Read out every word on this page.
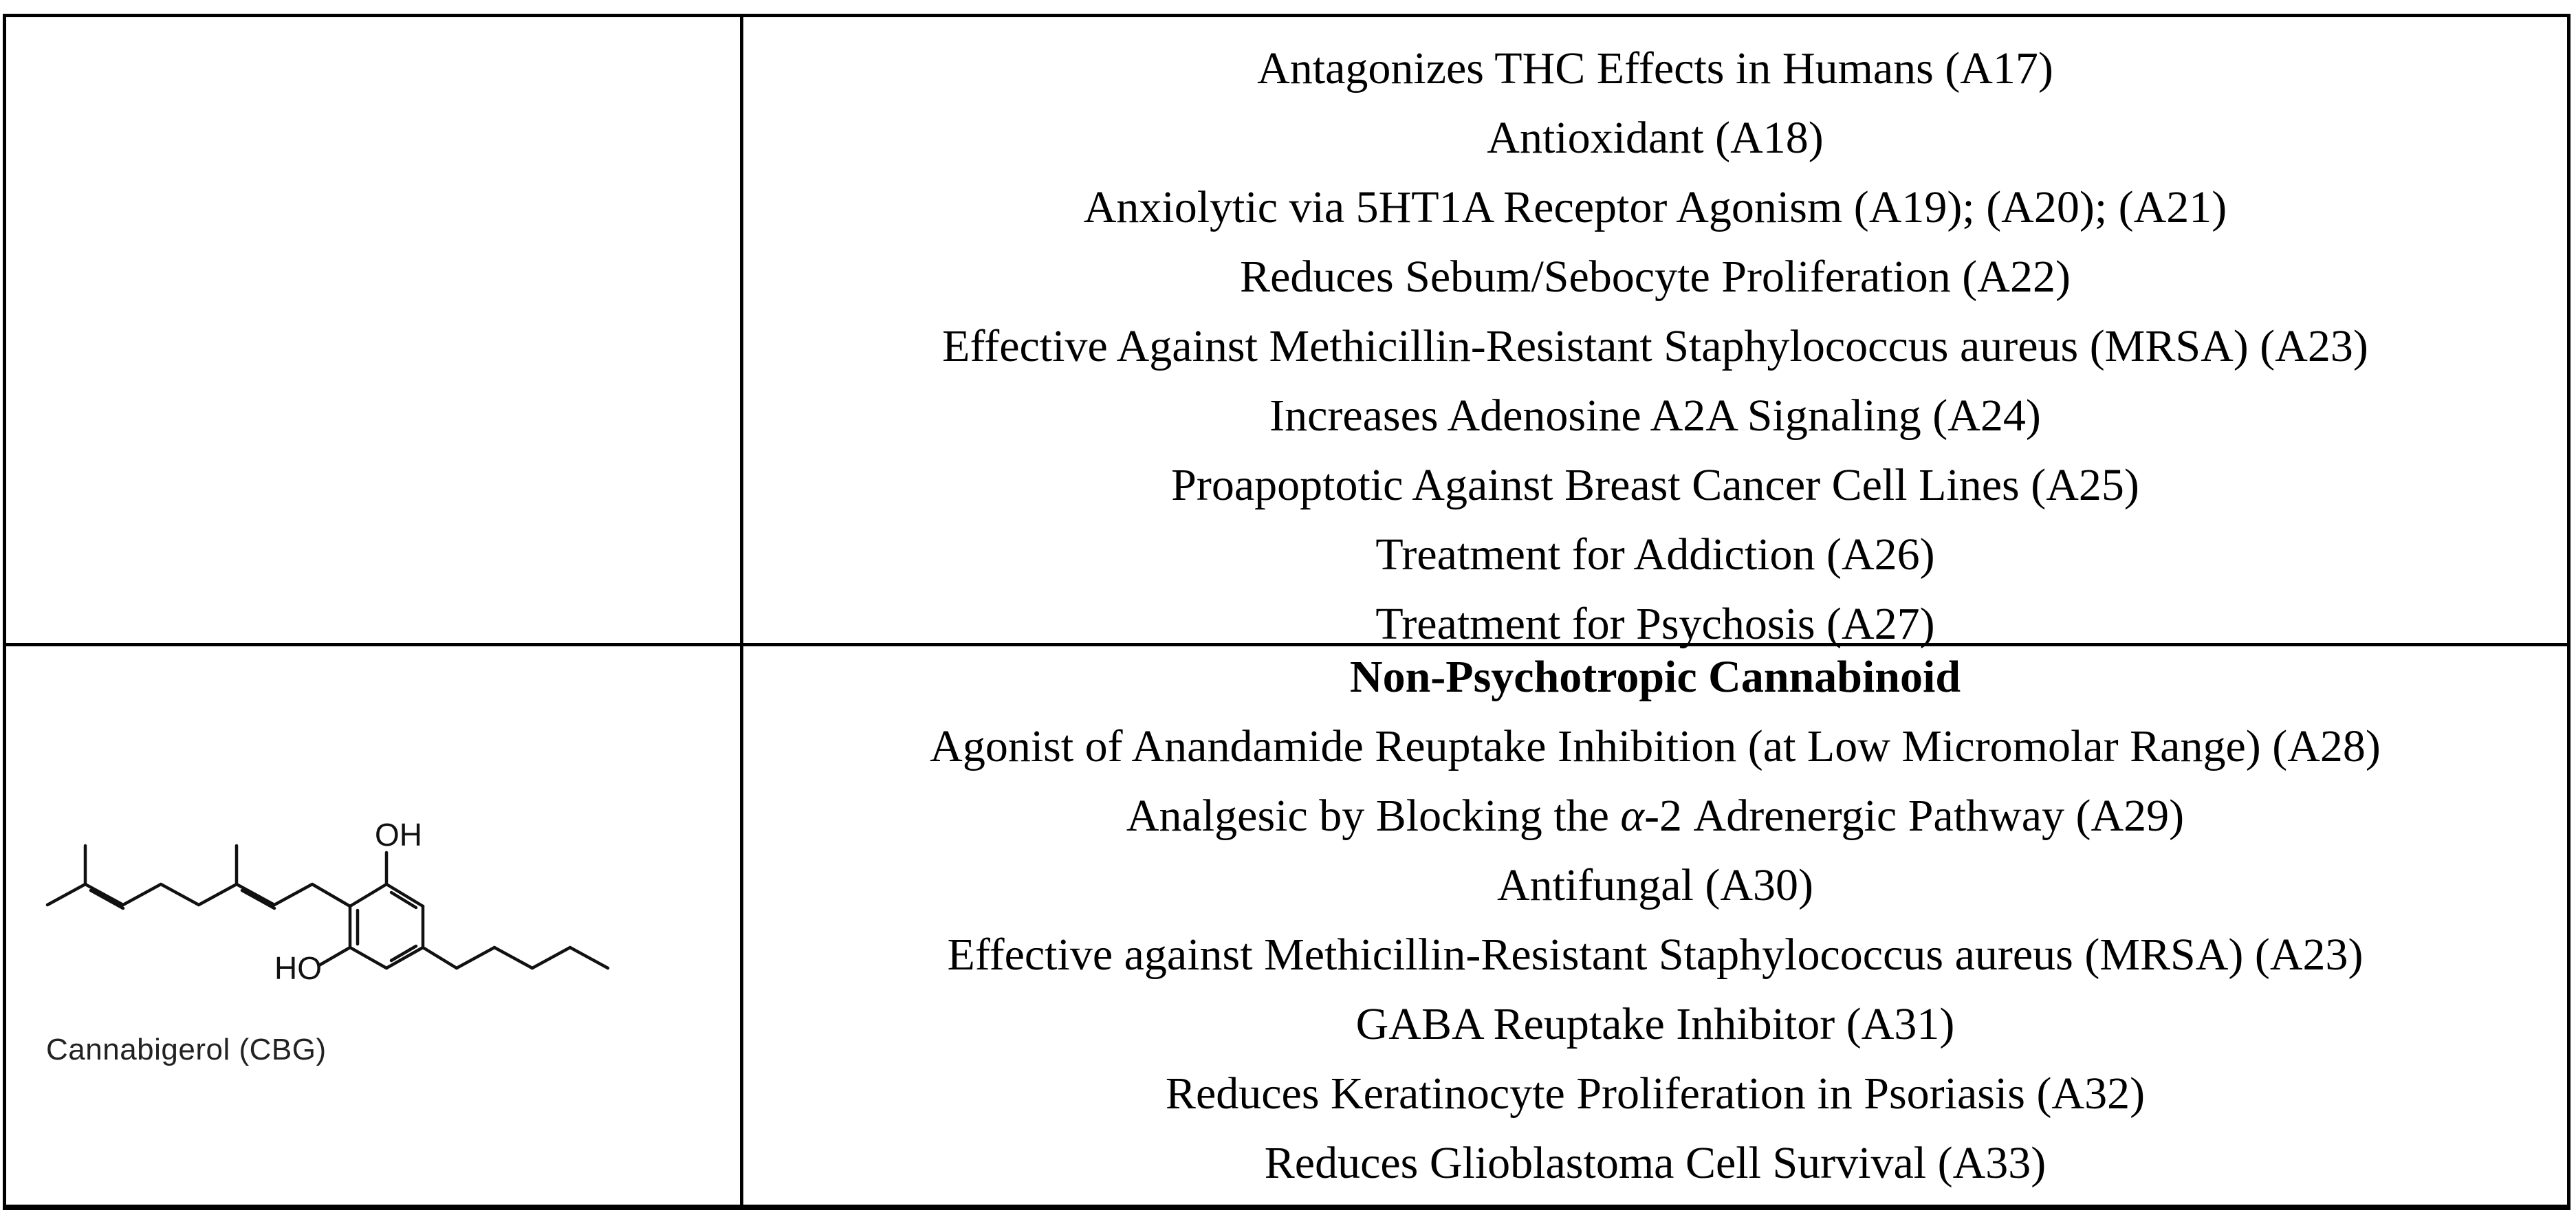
Antagonizes THC Effects in Humans (A17)
Antioxidant (A18)
Anxiolytic via 5HT1A Receptor Agonism (A19); (A20); (A21)
Reduces Sebum/Sebocyte Proliferation (A22)
Effective Against Methicillin-Resistant Staphylococcus aureus (MRSA) (A23)
Increases Adenosine A2A Signaling (A24)
Proapoptotic Against Breast Cancer Cell Lines (A25)
Treatment for Addiction (A26)
Treatment for Psychosis (A27)
OH
HO
Cannabigerol (CBG)
Non-Psychotropic Cannabinoid
Agonist of Anandamide Reuptake Inhibition (at Low Micromolar Range) (A28)
Analgesic by Blocking the α-2 Adrenergic Pathway (A29)
Antifungal (A30)
Effective against Methicillin-Resistant Staphylococcus aureus (MRSA) (A23)
GABA Reuptake Inhibitor (A31)
Reduces Keratinocyte Proliferation in Psoriasis (A32)
Reduces Glioblastoma Cell Survival (A33)
